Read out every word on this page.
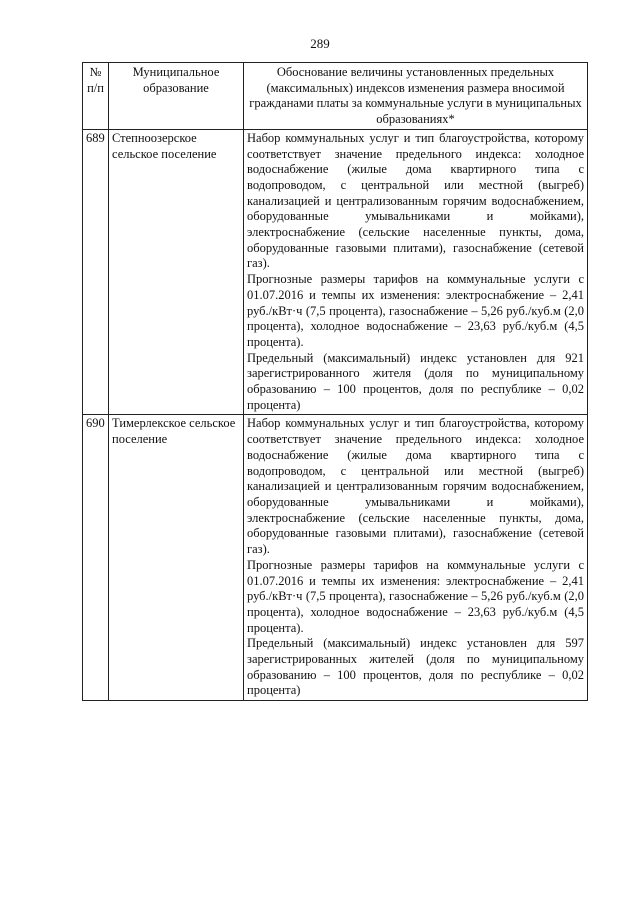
289
№ п/п	Муниципальное образование	Обоснование величины установленных предельных (максимальных) индексов изменения размера вносимой гражданами платы за коммунальные услуги в муниципальных образованиях*
689	Степноозерское сельское поселение	Набор коммунальных услуг и тип благоустройства, которому соответствует значение предельного индекса: холодное водоснабжение (жилые дома квартирного типа с водопроводом, с центральной или местной (выгреб) канализацией и централизованным горячим водоснабжением, оборудованные умывальниками и мойками), электроснабжение (сельские населенные пункты, дома, оборудованные газовыми плитами), газоснабжение (сетевой газ).

Прогнозные размеры тарифов на коммунальные услуги с 01.07.2016 и темпы их изменения: электроснабжение – 2,41 руб./кВт·ч (7,5 процента), газоснабжение – 5,26 руб./куб.м (2,0 процента), холодное водоснабжение – 23,63 руб./куб.м (4,5 процента).

Предельный (максимальный) индекс установлен для 921 зарегистрированного жителя (доля по муниципальному образованию – 100 процентов, доля по республике – 0,02 процента)

690	Тимерлекское сельское поселение	Набор коммунальных услуг и тип благоустройства, которому соответствует значение предельного индекса: холодное водоснабжение (жилые дома квартирного типа с водопроводом, с центральной или местной (выгреб) канализацией и централизованным горячим водоснабжением, оборудованные умывальниками и мойками), электроснабжение (сельские населенные пункты, дома, оборудованные газовыми плитами), газоснабжение (сетевой газ).

Прогнозные размеры тарифов на коммунальные услуги с 01.07.2016 и темпы их изменения: электроснабжение – 2,41 руб./кВт·ч (7,5 процента), газоснабжение – 5,26 руб./куб.м (2,0 процента), холодное водоснабжение – 23,63 руб./куб.м (4,5 процента).

Предельный (максимальный) индекс установлен для 597 зарегистрированных жителей (доля по муниципальному образованию – 100 процентов, доля по республике – 0,02 процента)
